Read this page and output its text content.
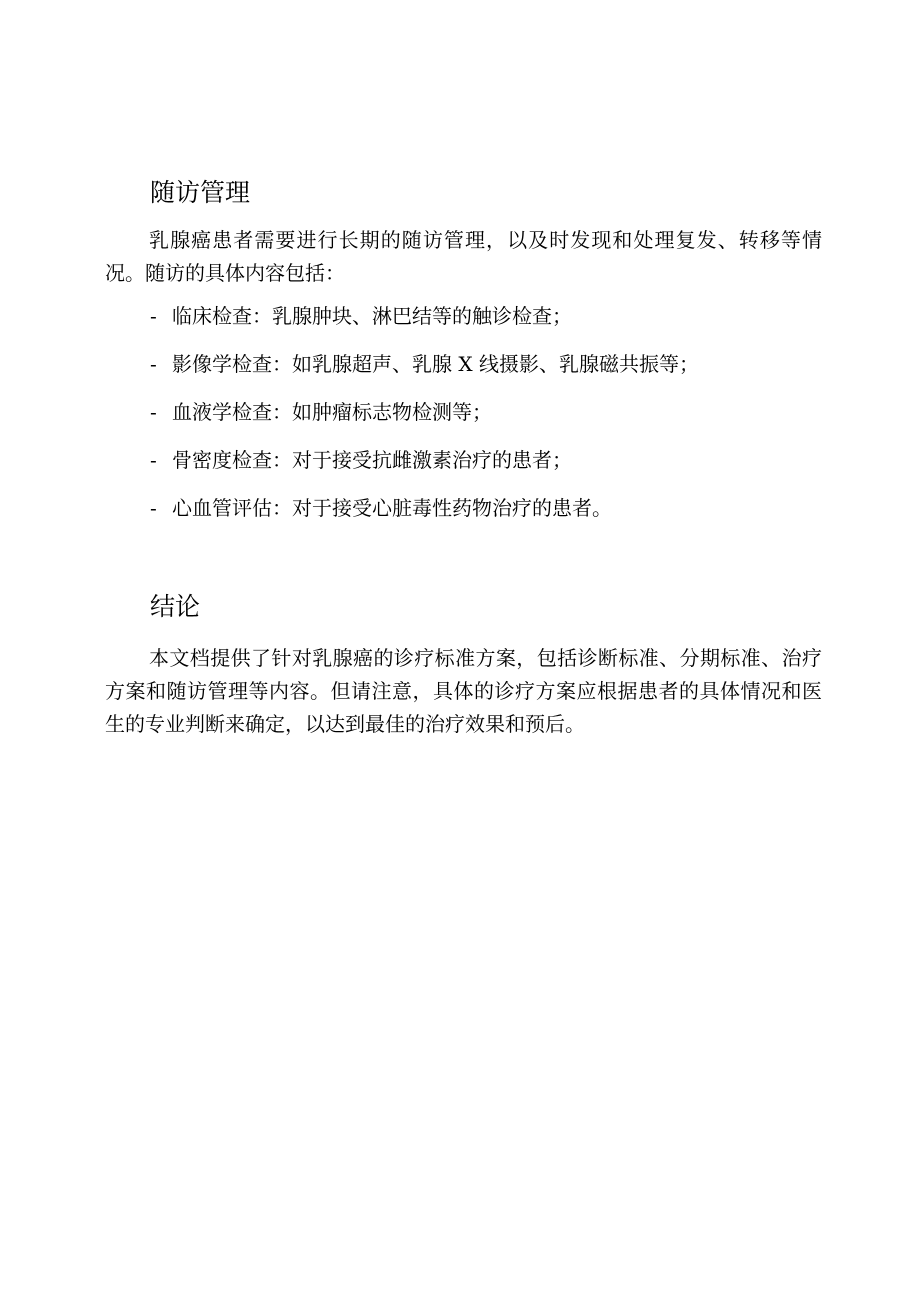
随访管理

乳腺癌患者需要进行长期的随访管理，以及时发现和处理复发、转移等情况。随访的具体内容包括：

- 临床检查：乳腺肿块、淋巴结等的触诊检查；
- 影像学检查：如乳腺超声、乳腺 X 线摄影、乳腺磁共振等；
- 血液学检查：如肿瘤标志物检测等；
- 骨密度检查：对于接受抗雌激素治疗的患者；
- 心血管评估：对于接受心脏毒性药物治疗的患者。
结论

本文档提供了针对乳腺癌的诊疗标准方案，包括诊断标准、分期标准、治疗方案和随访管理等内容。但请注意，具体的诊疗方案应根据患者的具体情况和医生的专业判断来确定，以达到最佳的治疗效果和预后。
